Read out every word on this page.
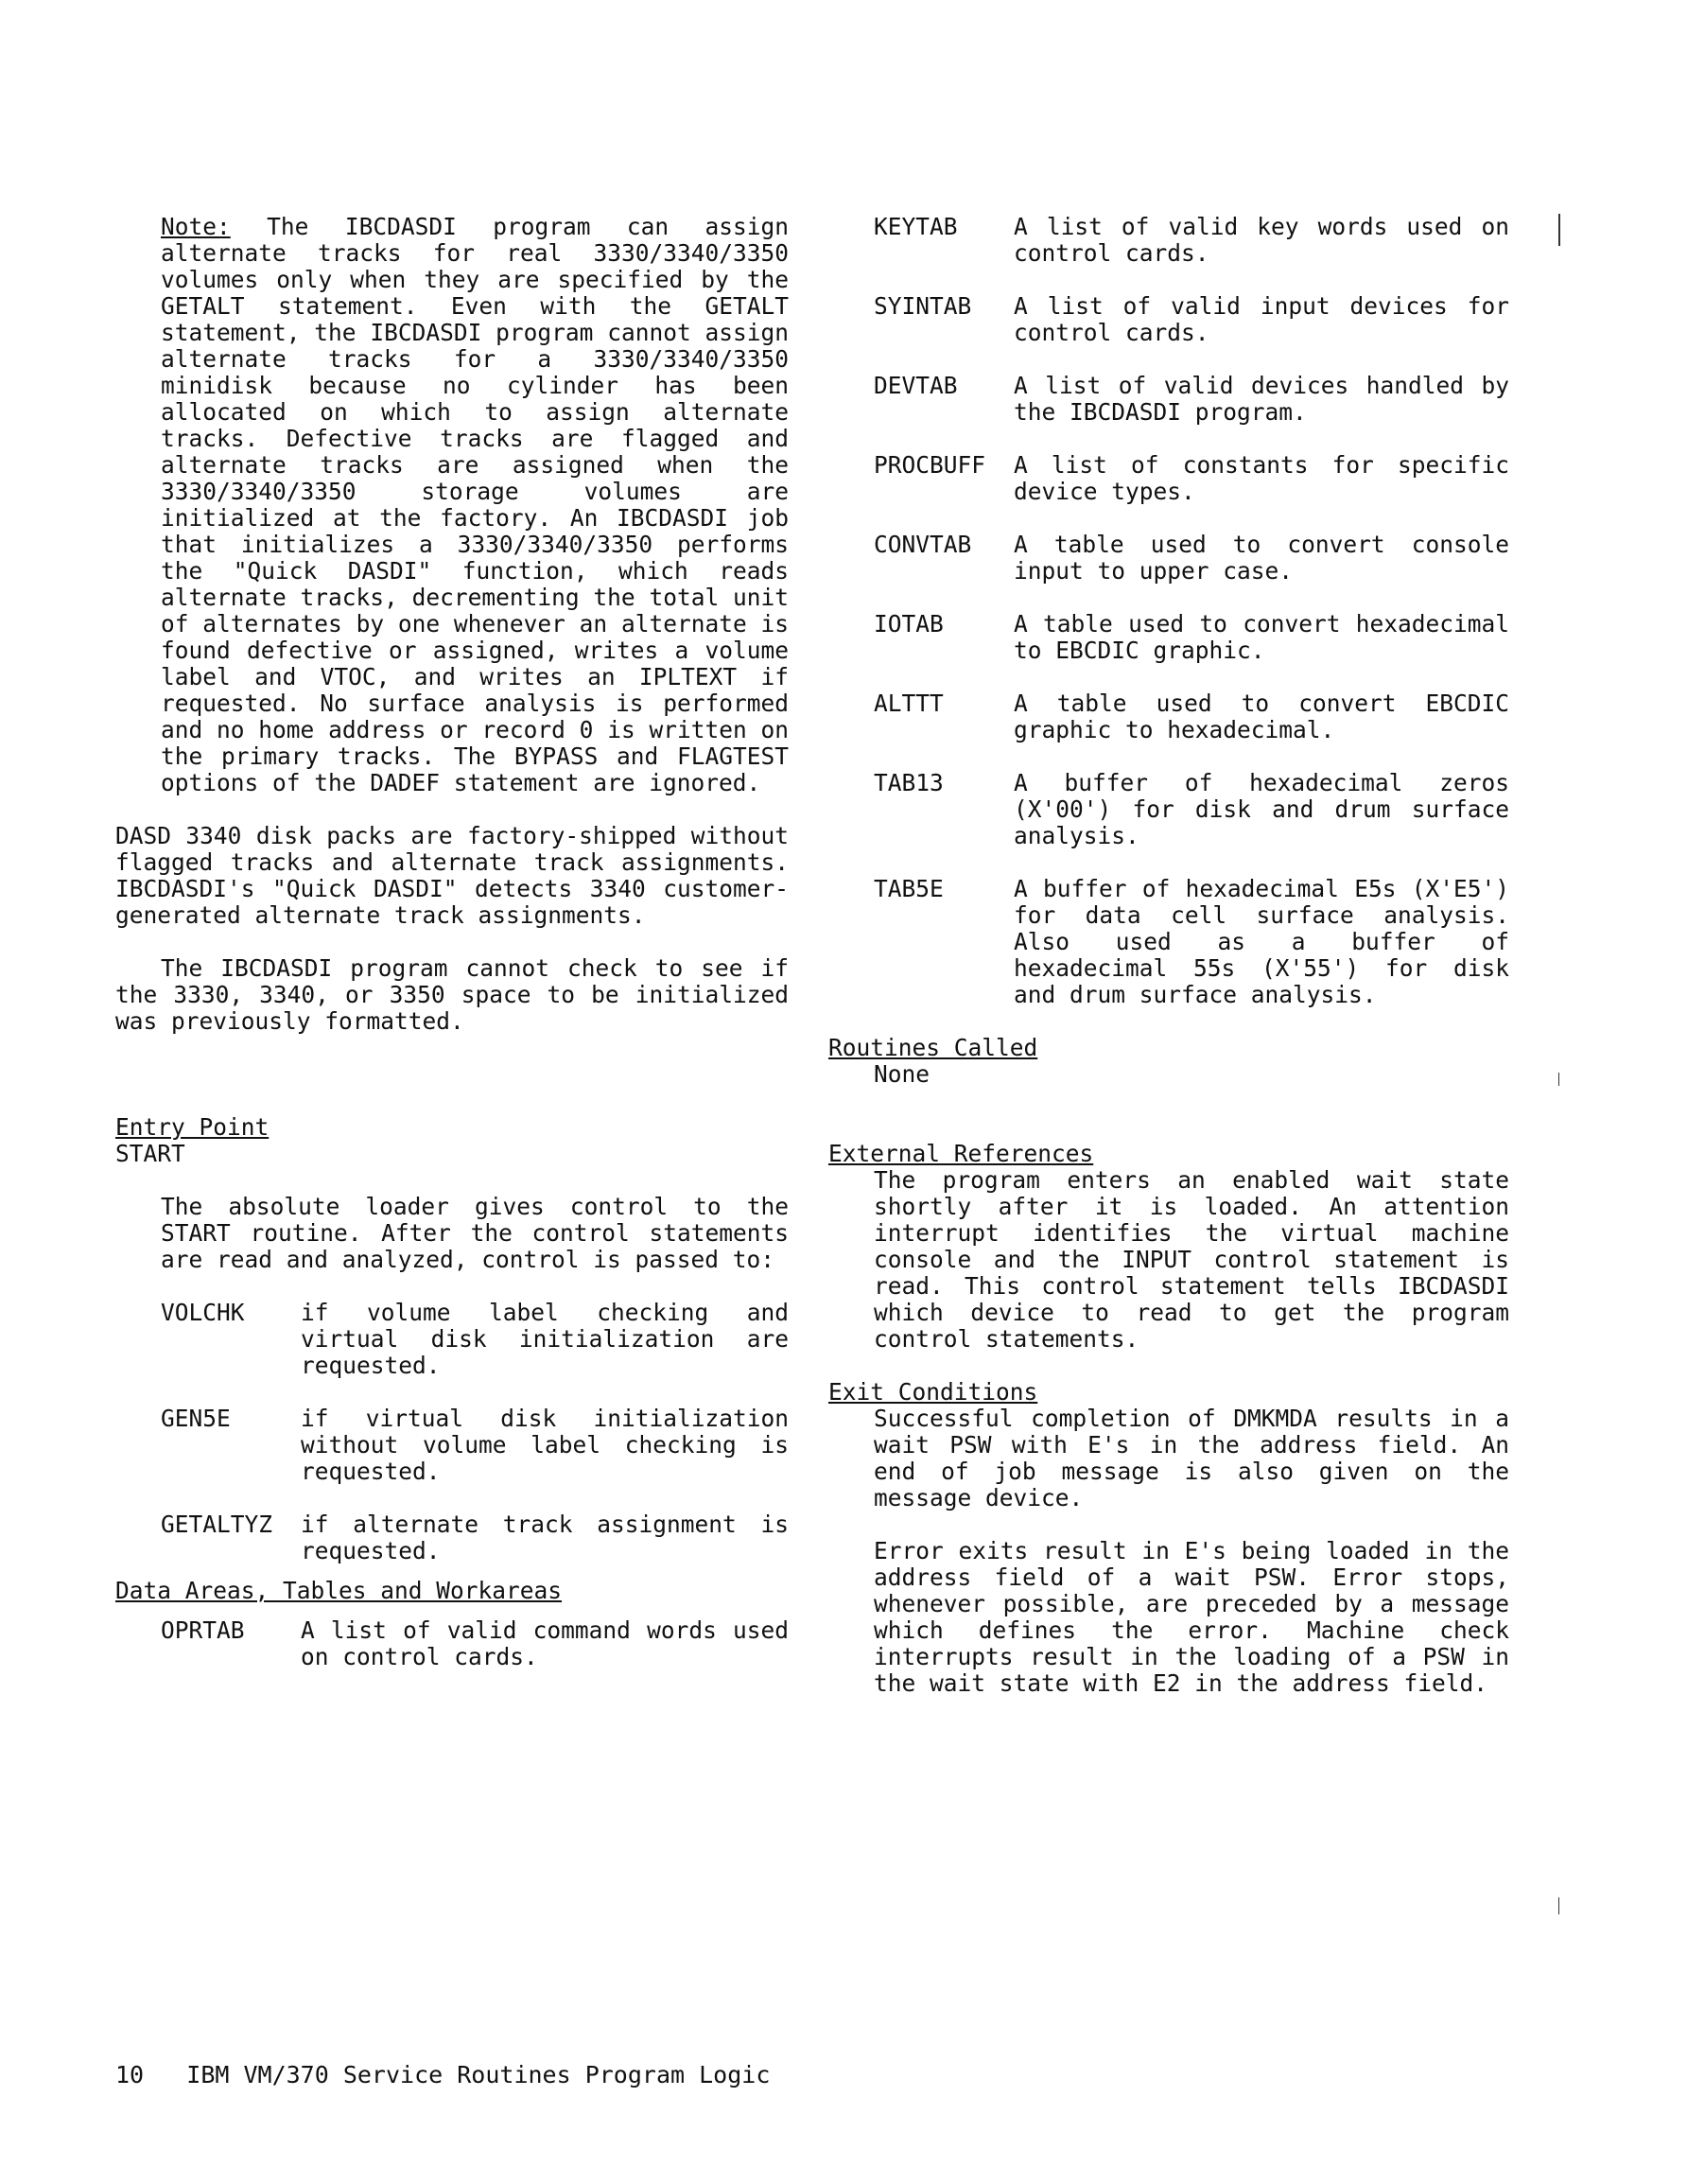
Note: The IBCDASDI program can assign alternate tracks for real 3330/3340/3350 volumes only when they are specified by the GETALT statement. Even with the GETALT statement, the IBCDASDI program cannot assign alternate tracks for a 3330/3340/3350 minidisk because no cylinder has been allocated on which to assign alternate tracks. Defective tracks are flagged and alternate tracks are assigned when the 3330/3340/3350 storage volumes are initialized at the factory. An IBCDASDI job that initializes a 3330/3340/3350 performs the "Quick DASDI" function, which reads alternate tracks, decrementing the total unit of alternates by one whenever an alternate is found defective or assigned, writes a volume label and VTOC, and writes an IPLTEXT if requested. No surface analysis is performed and no home address or record 0 is written on the primary tracks. The BYPASS and FLAGTEST options of the DADEF statement are ignored.

DASD 3340 disk packs are factory-shipped without flagged tracks and alternate track assignments. IBCDASDI's "Quick DASDI" detects 3340 customer-generated alternate track assignments.

The IBCDASDI program cannot check to see if the 3330, 3340, or 3350 space to be initialized was previously formatted.

Entry Point

START

The absolute loader gives control to the START routine. After the control statements are read and analyzed, control is passed to:

VOLCHK	if volume label checking and virtual disk initialization are requested.
GEN5E	if virtual disk initialization without volume label checking is requested.
GETALTYZ	if alternate track assignment is requested.
Data Areas, Tables and Workareas
OPRTAB	A list of valid command words used on control cards.
KEYTAB	A list of valid key words used on control cards.
SYINTAB	A list of valid input devices for control cards.
DEVTAB	A list of valid devices handled by the IBCDASDI program.
PROCBUFF	A list of constants for specific device types.
CONVTAB	A table used to convert console input to upper case.
IOTAB	A table used to convert hexadecimal to EBCDIC graphic.
ALTTT	A table used to convert EBCDIC graphic to hexadecimal.
TAB13	A buffer of hexadecimal zeros (X'00') for disk and drum surface analysis.
TAB5E	A buffer of hexadecimal E5s (X'E5') for data cell surface analysis. Also used as a buffer of hexadecimal 55s (X'55') for disk and drum surface analysis.
Routines Called
None
External References

The program enters an enabled wait state shortly after it is loaded. An attention interrupt identifies the virtual machine console and the INPUT control statement is read. This control statement tells IBCDASDI which device to read to get the program control statements.

Exit Conditions

Successful completion of DMKMDA results in a wait PSW with E's in the address field. An end of job message is also given on the message device.

Error exits result in E's being loaded in the address field of a wait PSW. Error stops, whenever possible, are preceded by a message which defines the error. Machine check interrupts result in the loading of a PSW in the wait state with E2 in the address field.

10 IBM VM/370 Service Routines Program Logic
